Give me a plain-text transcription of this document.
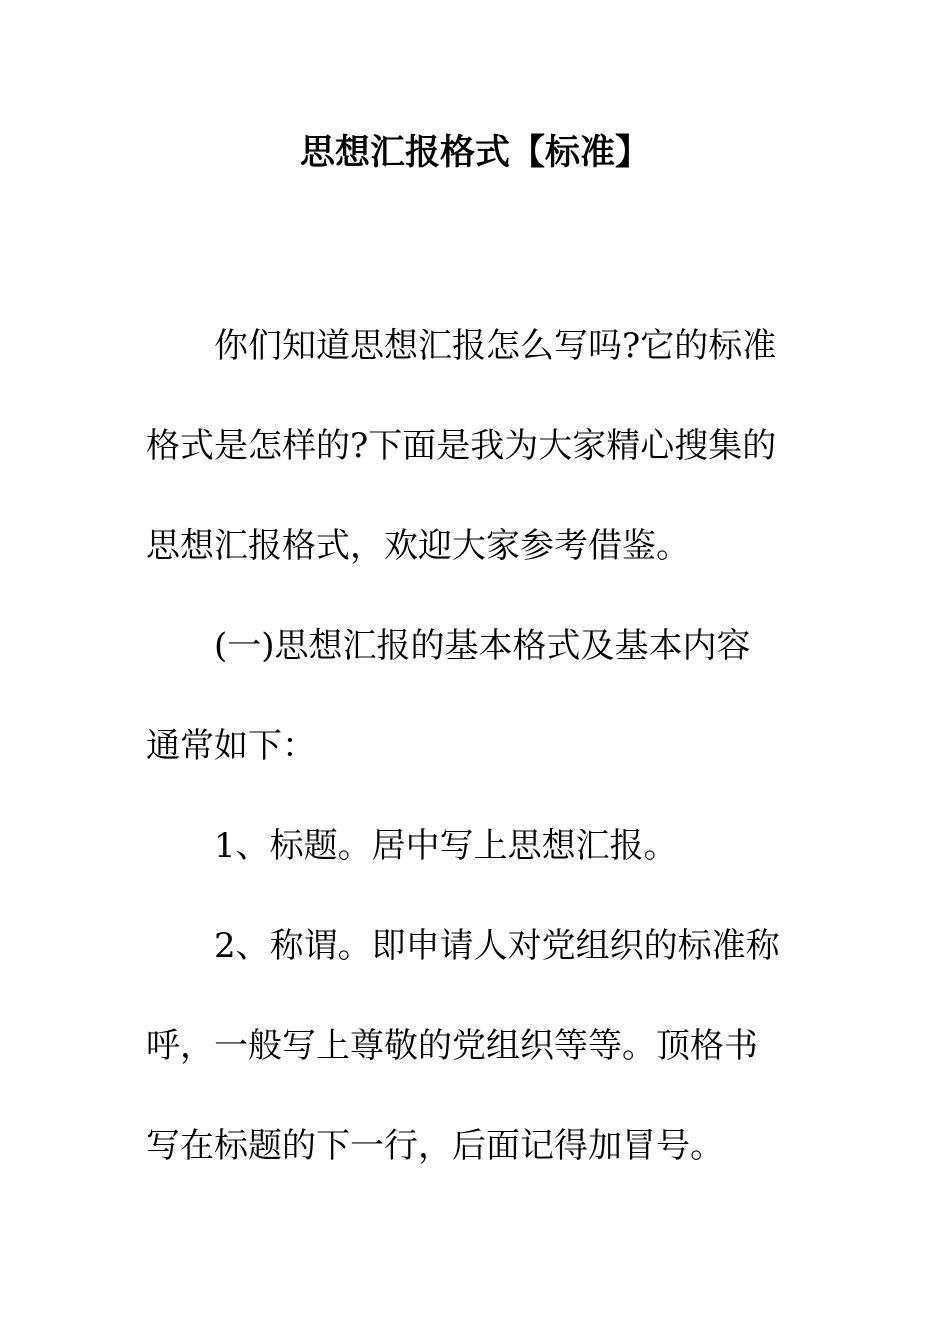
思想汇报格式【标准】
你们知道思想汇报怎么写吗?它的标准
格式是怎样的?下面是我为大家精心搜集的
思想汇报格式，欢迎大家参考借鉴。
(一)思想汇报的基本格式及基本内容
通常如下：
1、标题。居中写上思想汇报。
2、称谓。即申请人对党组织的标准称
呼，一般写上尊敬的党组织等等。顶格书
写在标题的下一行，后面记得加冒号。
